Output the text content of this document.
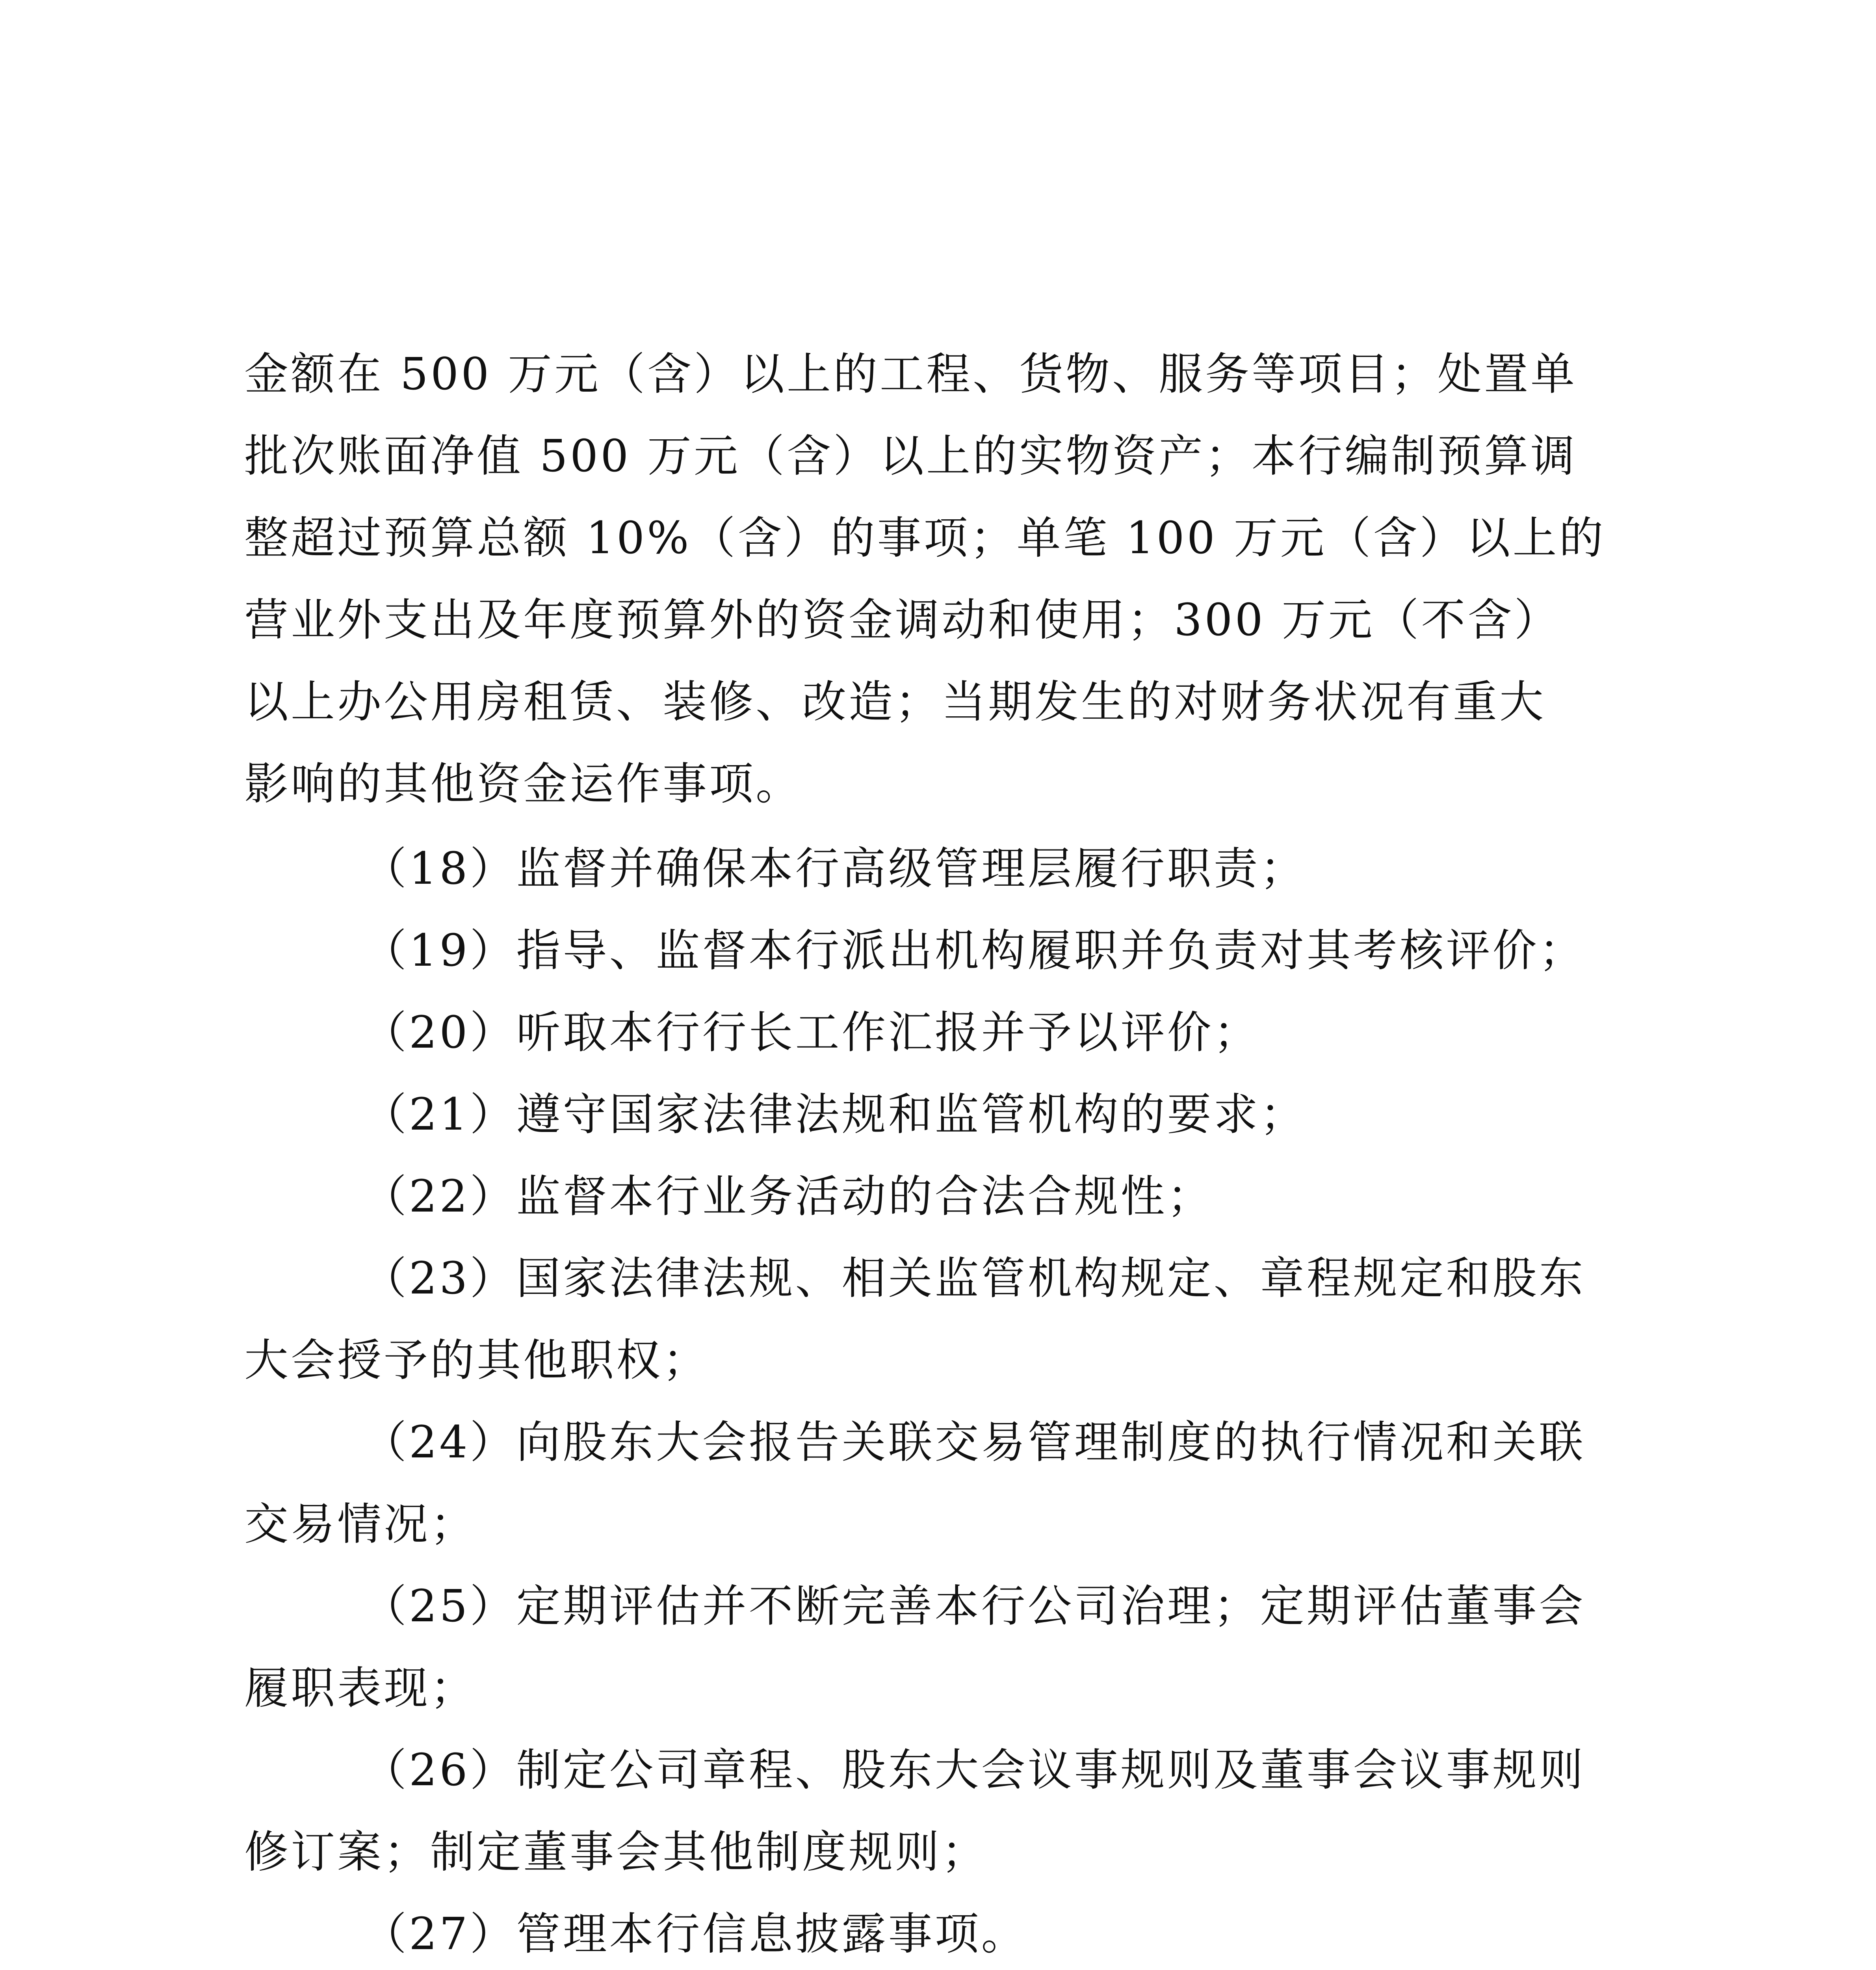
金额在 500 万元（含）以上的工程、货物、服务等项目；处置单
批次账面净值 500 万元（含）以上的实物资产；本行编制预算调
整超过预算总额 10%（含）的事项；单笔 100 万元（含）以上的
营业外支出及年度预算外的资金调动和使用；300 万元（不含）
以上办公用房租赁、装修、改造；当期发生的对财务状况有重大
影响的其他资金运作事项。
（18）监督并确保本行高级管理层履行职责；
（19）指导、监督本行派出机构履职并负责对其考核评价；
（20）听取本行行长工作汇报并予以评价；
（21）遵守国家法律法规和监管机构的要求；
（22）监督本行业务活动的合法合规性；
（23）国家法律法规、相关监管机构规定、章程规定和股东
大会授予的其他职权；
（24）向股东大会报告关联交易管理制度的执行情况和关联
交易情况；
（25）定期评估并不断完善本行公司治理；定期评估董事会
履职表现；
（26）制定公司章程、股东大会议事规则及董事会议事规则
修订案；制定董事会其他制度规则；
（27）管理本行信息披露事项。
